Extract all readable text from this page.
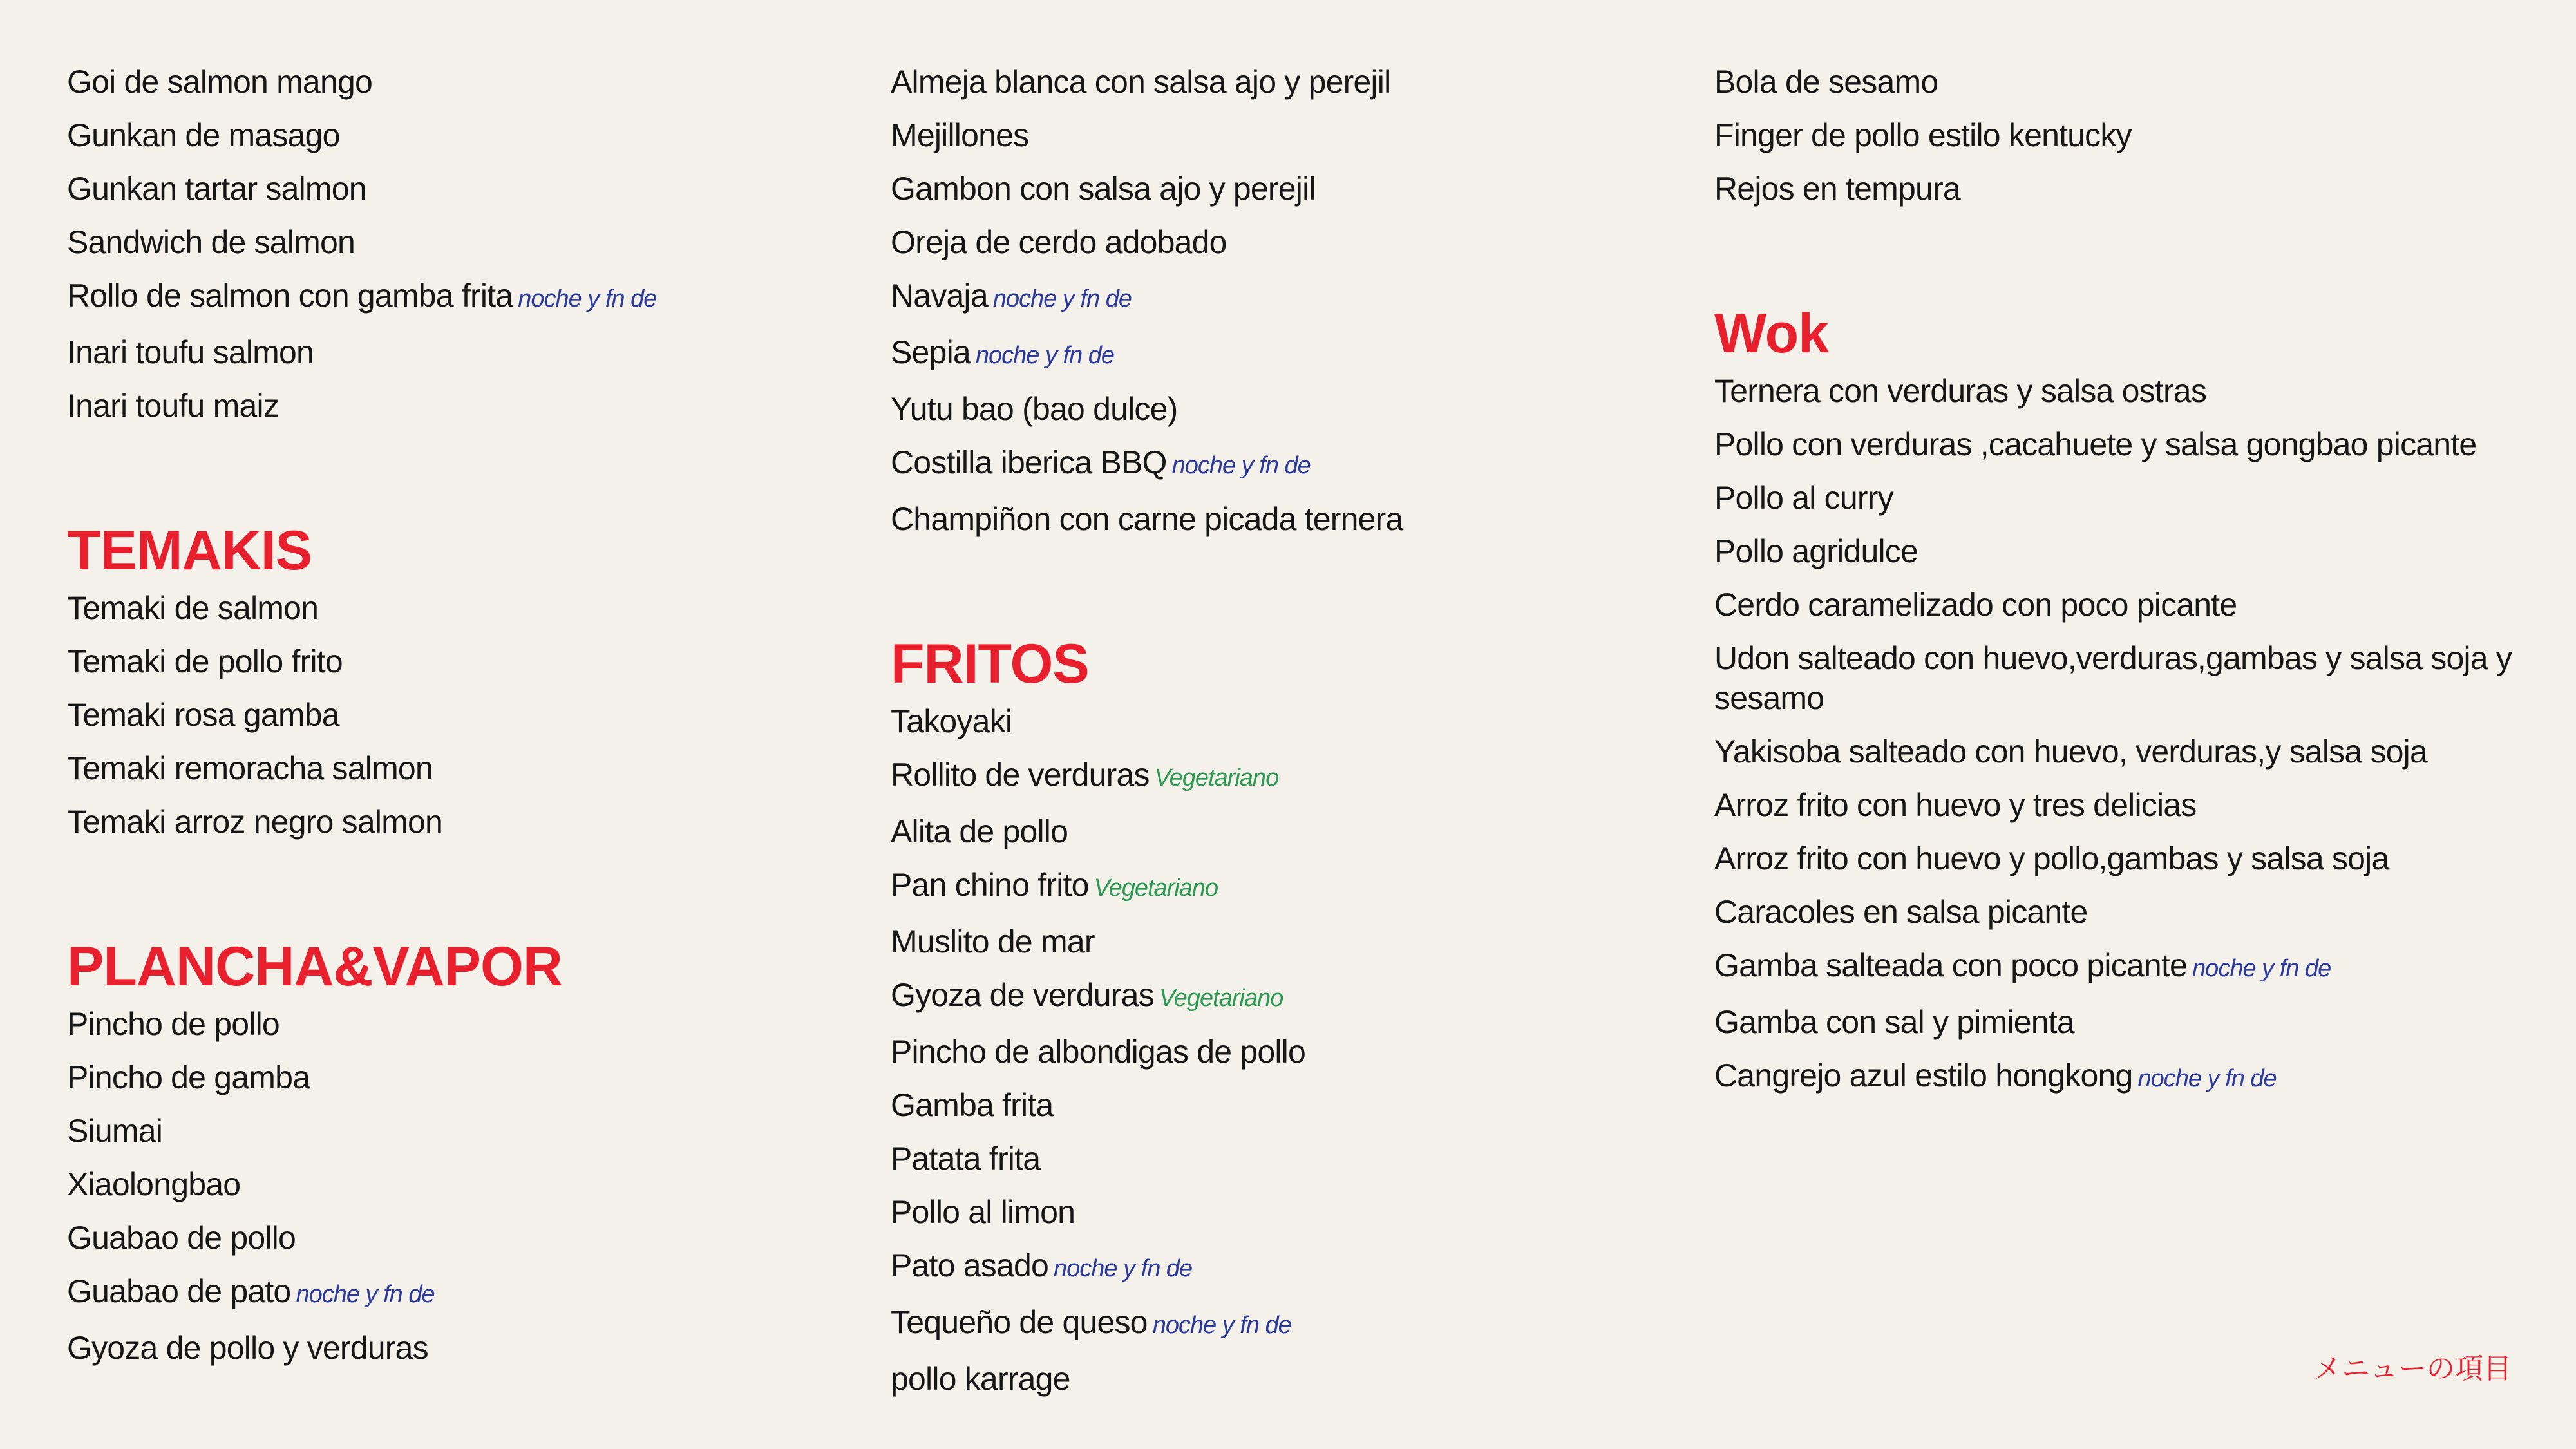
Goi de salmon mango
Gunkan de masago
Gunkan tartar salmon
Sandwich de salmon
Rollo de salmon con gamba frita noche y fn de
Inari toufu salmon
Inari toufu maiz
TEMAKIS
Temaki de salmon
Temaki de pollo frito
Temaki rosa gamba
Temaki remoracha salmon
Temaki arroz negro salmon
PLANCHA&VAPOR
Pincho de pollo
Pincho de gamba
Siumai
Xiaolongbao
Guabao de pollo
Guabao de pato noche y fn de
Gyoza de pollo y verduras
Almeja blanca con salsa ajo y perejil
Mejillones
Gambon con salsa ajo y perejil
Oreja de cerdo adobado
Navaja noche y fn de
Sepia noche y fn de
Yutu bao (bao dulce)
Costilla iberica BBQ noche y fn de
Champiñon con carne picada ternera
FRITOS
Takoyaki
Rollito de verduras Vegetariano
Alita de pollo
Pan chino frito Vegetariano
Muslito de mar
Gyoza de verduras Vegetariano
Pincho de albondigas de pollo
Gamba frita
Patata frita
Pollo al limon
Pato asado noche y fn de
Tequeño de queso noche y fn de
pollo karrage
Bola de sesamo
Finger de pollo estilo kentucky
Rejos en tempura
Wok
Ternera con verduras y salsa ostras
Pollo con verduras ,cacahuete y salsa gongbao picante
Pollo al curry
Pollo agridulce
Cerdo caramelizado con poco picante
Udon salteado con huevo,verduras,gambas y salsa soja y sesamo
Yakisoba salteado con huevo, verduras,y salsa soja
Arroz frito con huevo y tres delicias
Arroz frito con huevo y pollo,gambas y salsa soja
Caracoles en salsa picante
Gamba salteada con poco picante noche y fn de
Gamba con sal y pimienta
Cangrejo azul estilo hongkong noche y fn de
メニューの項目
